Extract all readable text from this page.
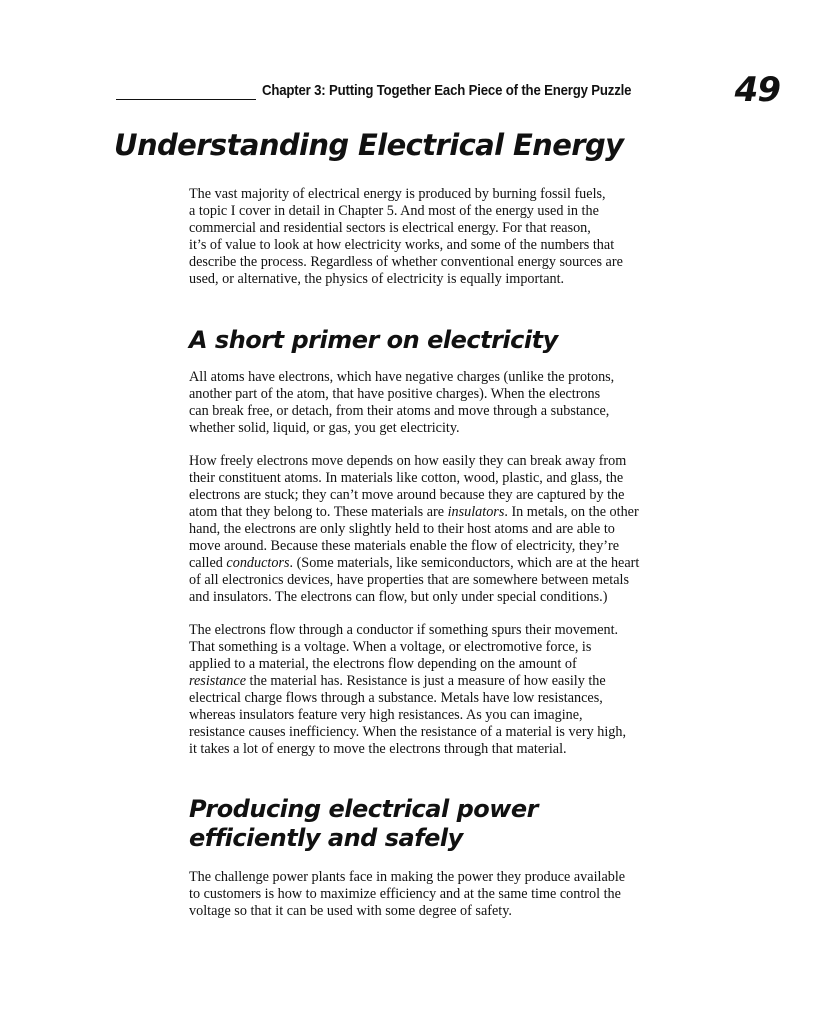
Chapter 3: Putting Together Each Piece of the Energy Puzzle	49
Understanding Electrical Energy

The vast majority of electrical energy is produced by burning fossil fuels,
a topic I cover in detail in Chapter 5. And most of the energy used in the
commercial and residential sectors is electrical energy. For that reason,
it’s of value to look at how electricity works, and some of the numbers that
describe the process. Regardless of whether conventional energy sources are
used, or alternative, the physics of electricity is equally important.

A short primer on electricity

All atoms have electrons, which have negative charges (unlike the protons,
another part of the atom, that have positive charges). When the electrons
can break free, or detach, from their atoms and move through a substance,
whether solid, liquid, or gas, you get electricity.

How freely electrons move depends on how easily they can break away from
their constituent atoms. In materials like cotton, wood, plastic, and glass, the
electrons are stuck; they can’t move around because they are captured by the
atom that they belong to. These materials are insulators. In metals, on the other
hand, the electrons are only slightly held to their host atoms and are able to
move around. Because these materials enable the flow of electricity, they’re
called conductors. (Some materials, like semiconductors, which are at the heart
of all electronics devices, have properties that are somewhere between metals
and insulators. The electrons can flow, but only under special conditions.)

The electrons flow through a conductor if something spurs their movement.
That something is a voltage. When a voltage, or electromotive force, is
applied to a material, the electrons flow depending on the amount of
resistance the material has. Resistance is just a measure of how easily the
electrical charge flows through a substance. Metals have low resistances,
whereas insulators feature very high resistances. As you can imagine,
resistance causes inefficiency. When the resistance of a material is very high,
it takes a lot of energy to move the electrons through that material.

Producing electrical power
efficiently and safely

The challenge power plants face in making the power they produce available
to customers is how to maximize efficiency and at the same time control the
voltage so that it can be used with some degree of safety.
